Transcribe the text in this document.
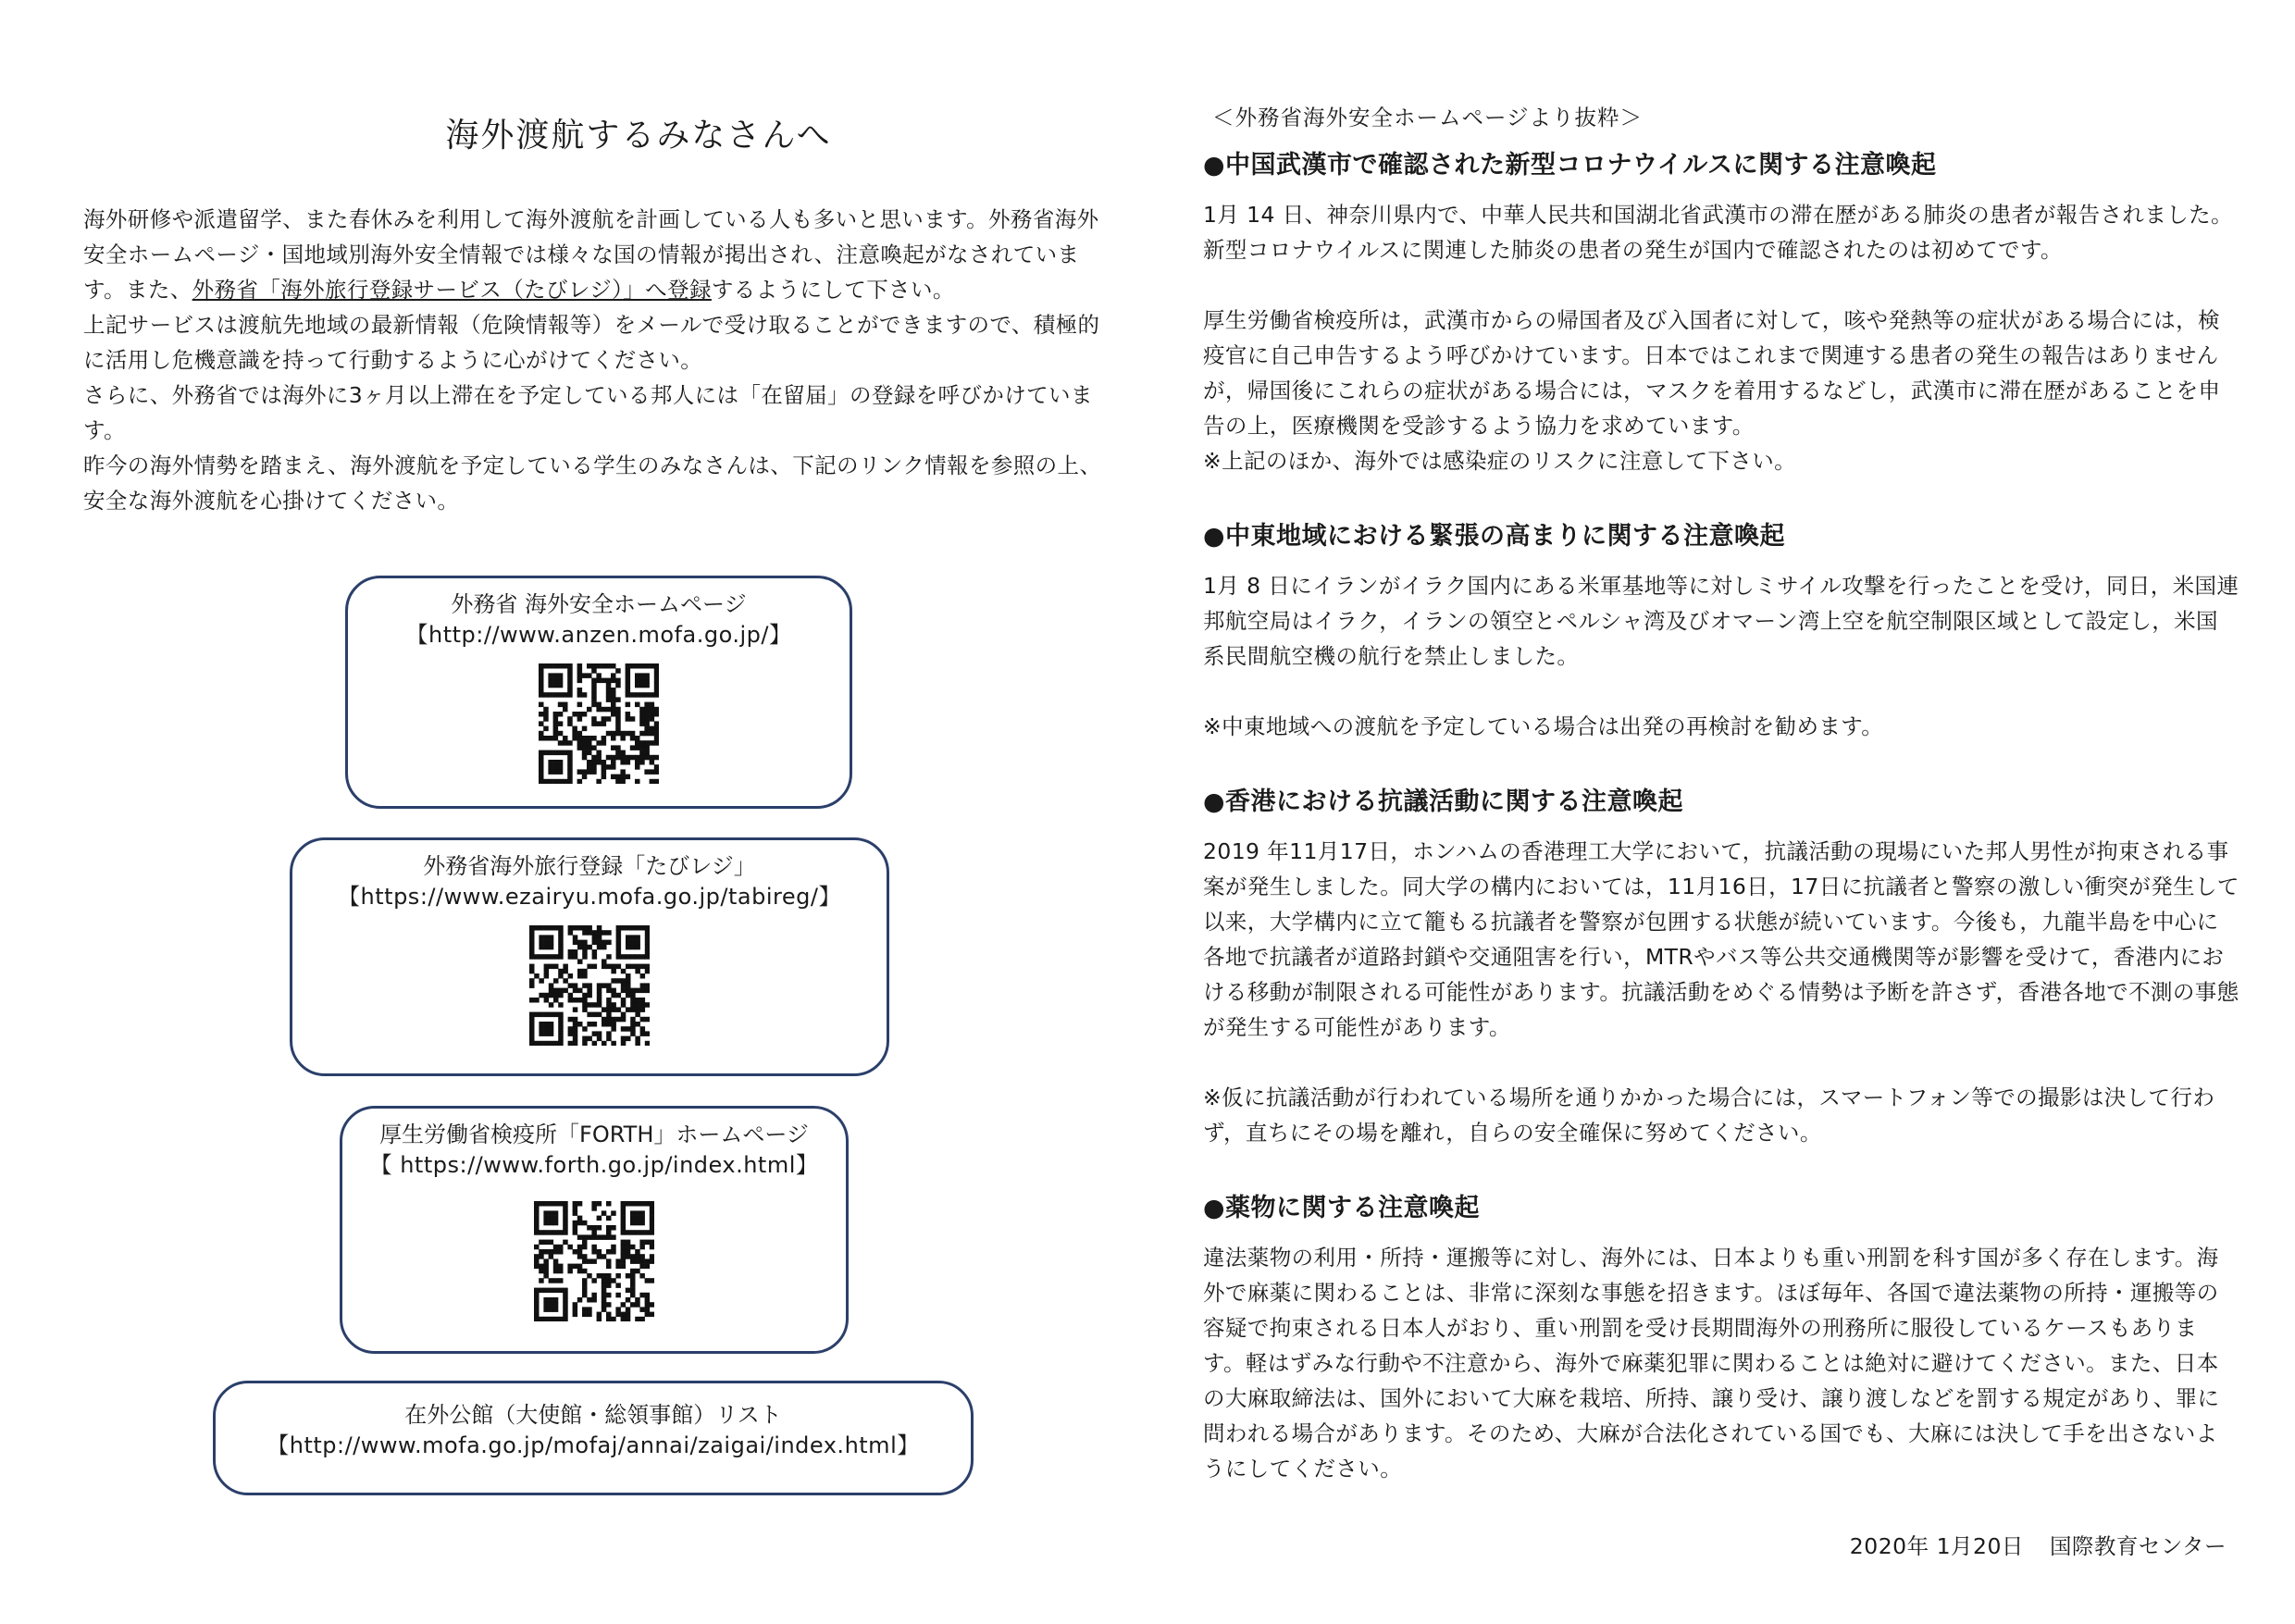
海外渡航するみなさんへ

海外研修や派遣留学、また春休みを利用して海外渡航を計画している人も多いと思います。外務省海外安全ホームページ・国地域別海外安全情報では様々な国の情報が掲出され、注意喚起がなされています。また、外務省「海外旅行登録サービス（たびレジ）」へ登録するようにして下さい。

上記サービスは渡航先地域の最新情報（危険情報等）をメールで受け取ることができますので、積極的に活用し危機意識を持って行動するように心がけてください。

さらに、外務省では海外に3ヶ月以上滞在を予定している邦人には「在留届」の登録を呼びかけています。

昨今の海外情勢を踏まえ、海外渡航を予定している学生のみなさんは、下記のリンク情報を参照の上、安全な海外渡航を心掛けてください。

外務省 海外安全ホームページ
【http://www.anzen.mofa.go.jp/】
外務省海外旅行登録「たびレジ」
【https://www.ezairyu.mofa.go.jp/tabireg/】
厚生労働省検疫所「FORTH」ホームページ
【 https://www.forth.go.jp/index.html】
在外公館（大使館・総領事館）リスト
【http://www.mofa.go.jp/mofaj/annai/zaigai/index.html】
＜外務省海外安全ホームページより抜粋＞
●中国武漢市で確認された新型コロナウイルスに関する注意喚起

1月 14 日、神奈川県内で、中華人民共和国湖北省武漢市の滞在歴がある肺炎の患者が報告されました。新型コロナウイルスに関連した肺炎の患者の発生が国内で確認されたのは初めてです。

厚生労働省検疫所は，武漢市からの帰国者及び入国者に対して，咳や発熱等の症状がある場合には，検疫官に自己申告するよう呼びかけています。日本ではこれまで関連する患者の発生の報告はありませんが，帰国後にこれらの症状がある場合には，マスクを着用するなどし，武漢市に滞在歴があることを申告の上，医療機関を受診するよう協力を求めています。

※上記のほか、海外では感染症のリスクに注意して下さい。

●中東地域における緊張の高まりに関する注意喚起

1月 8 日にイランがイラク国内にある米軍基地等に対しミサイル攻撃を行ったことを受け，同日，米国連邦航空局はイラク，イランの領空とペルシャ湾及びオマーン湾上空を航空制限区域として設定し，米国系民間航空機の航行を禁止しました。

※中東地域への渡航を予定している場合は出発の再検討を勧めます。

●香港における抗議活動に関する注意喚起

2019 年11月17日，ホンハムの香港理工大学において，抗議活動の現場にいた邦人男性が拘束される事案が発生しました。同大学の構内においては，11月16日，17日に抗議者と警察の激しい衝突が発生して以来，大学構内に立て籠もる抗議者を警察が包囲する状態が続いています。今後も，九龍半島を中心に各地で抗議者が道路封鎖や交通阻害を行い，MTRやバス等公共交通機関等が影響を受けて，香港内における移動が制限される可能性があります。抗議活動をめぐる情勢は予断を許さず，香港各地で不測の事態が発生する可能性があります。

※仮に抗議活動が行われている場所を通りかかった場合には，スマートフォン等での撮影は決して行わず，直ちにその場を離れ，自らの安全確保に努めてください。

●薬物に関する注意喚起

違法薬物の利用・所持・運搬等に対し、海外には、日本よりも重い刑罰を科す国が多く存在します。海外で麻薬に関わることは、非常に深刻な事態を招きます。ほぼ毎年、各国で違法薬物の所持・運搬等の容疑で拘束される日本人がおり、重い刑罰を受け長期間海外の刑務所に服役しているケースもあります。軽はずみな行動や不注意から、海外で麻薬犯罪に関わることは絶対に避けてください。また、日本の大麻取締法は、国外において大麻を栽培、所持、譲り受け、譲り渡しなどを罰する規定があり、罪に問われる場合があります。そのため、大麻が合法化されている国でも、大麻には決して手を出さないようにしてください。

2020年 1月20日 国際教育センター
